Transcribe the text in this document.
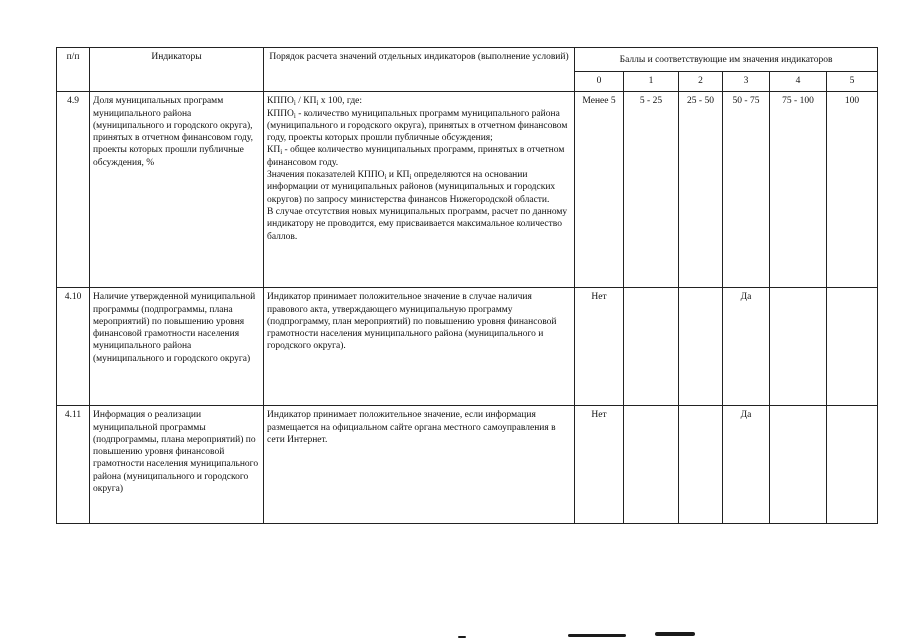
п/п	Индикаторы	Порядок расчета значений отдельных индикаторов (выполнение условий)	Баллы и соответствующие им значения индикаторов					
			0	1	2	3	4	5
4.9	Доля муниципальных программ муниципального района (муниципального и городского округа), принятых в отчетном финансовом году, проекты которых прошли публичные обсуждения, %	$КППО_i / КП_i$ х 100, где:
$КППО_i$ - количество муниципальных программ муниципального района (муниципального и городского округа), принятых в отчетном финансовом году, проекты которых прошли публичные обсуждения;
$КП_i$ - общее количество муниципальных программ, принятых в отчетном финансовом году.
Значения показателей $КППО_i$ и $КП_i$ определяются на основании информации от муниципальных районов (муниципальных и городских округов) по запросу министерства финансов Нижегородской области.
В случае отсутствия новых муниципальных программ, расчет по данному индикатору не проводится, ему присваивается максимальное количество баллов.	Менее 5	5 - 25	25 - 50	50 - 75	75 - 100	100
4.10	Наличие утвержденной муниципальной программы (подпрограммы, плана мероприятий) по повышению уровня финансовой грамотности населения муниципального района (муниципального и городского округа)	Индикатор принимает положительное значение в случае наличия правового акта, утверждающего муниципальную программу (подпрограмму, план мероприятий) по повышению уровня финансовой грамотности населения муниципального района (муниципального и городского округа).	Нет			Да		
4.11	Информация о реализации муниципальной программы (подпрограммы, плана мероприятий) по повышению уровня финансовой грамотности населения муниципального района (муниципального и городского округа)	Индикатор принимает положительное значение, если информация размещается на официальном сайте органа местного самоуправления в сети Интернет.	Нет			Да		
